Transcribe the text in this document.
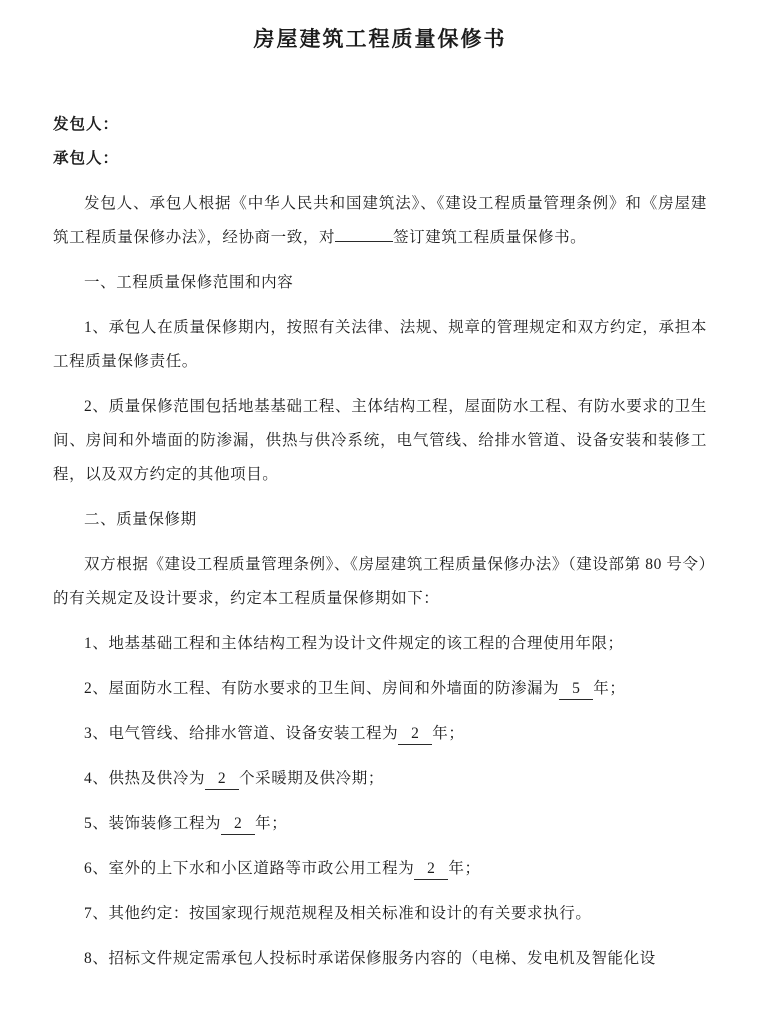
房屋建筑工程质量保修书

发包人：

承包人：

发包人、承包人根据《中华人民共和国建筑法》、《建设工程质量管理条例》和《房屋建筑工程质量保修办法》，经协商一致，对	签订建筑工程质量保修书。

一、工程质量保修范围和内容

1、承包人在质量保修期内，按照有关法律、法规、规章的管理规定和双方约定，承担本工程质量保修责任。

2、质量保修范围包括地基基础工程、主体结构工程，屋面防水工程、有防水要求的卫生间、房间和外墙面的防渗漏，供热与供冷系统，电气管线、给排水管道、设备安装和装修工程，以及双方约定的其他项目。

二、质量保修期

双方根据《建设工程质量管理条例》、《房屋建筑工程质量保修办法》（建设部第 80 号令）的有关规定及设计要求，约定本工程质量保修期如下：

1、地基基础工程和主体结构工程为设计文件规定的该工程的合理使用年限；

2、屋面防水工程、有防水要求的卫生间、房间和外墙面的防渗漏为 5 年；

3、电气管线、给排水管道、设备安装工程为 2 年；

4、供热及供冷为 2 个采暖期及供冷期；

5、装饰装修工程为 2 年；

6、室外的上下水和小区道路等市政公用工程为 2 年；

7、其他约定：按国家现行规范规程及相关标准和设计的有关要求执行。

8、招标文件规定需承包人投标时承诺保修服务内容的（电梯、发电机及智能化设
